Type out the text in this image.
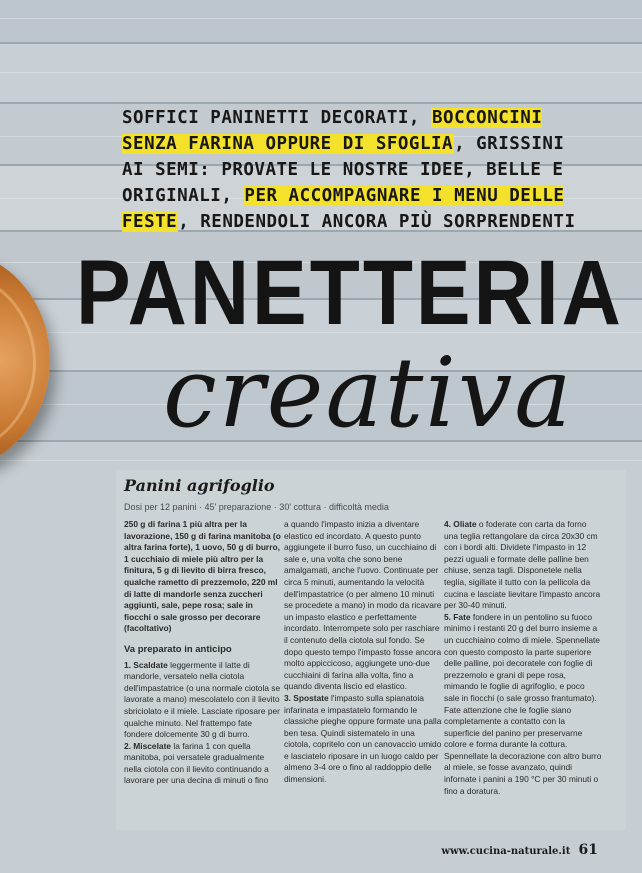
SOFFICI PANINETTI DECORATI, BOCCONCINI SENZA FARINA OPPURE DI SFOGLIA, GRISSINI AI SEMI: PROVATE LE NOSTRE IDEE, BELLE E ORIGINALI, PER ACCOMPAGNARE I MENU DELLE FESTE, RENDENDOLI ANCORA PIÙ SORPRENDENTI
PANETTERIA
creativa
Panini agrifoglio
Dosi per 12 panini · 45' preparazione · 30' cottura · difficoltà media

250 g di farina 1 più altra per la lavorazione, 150 g di farina manitoba (o altra farina forte), 1 uovo, 50 g di burro, 1 cucchiaio di miele più altro per la finitura, 5 g di lievito di birra fresco, qualche rametto di prezzemolo, 220 ml di latte di mandorle senza zuccheri aggiunti, sale, pepe rosa; sale in fiocchi o sale grosso per decorare (facoltativo)

Va preparato in anticipo

1. Scaldate leggermente il latte di mandorle, versatelo nella ciotola dell'impastatrice (o una normale ciotola se lavorate a mano) mescolatelo con il lievito sbriciolato e il miele. Lasciate riposare per qualche minuto. Nel frattempo fate fondere dolcemente 30 g di burro.

2. Miscelate la farina 1 con quella manitoba, poi versatele gradualmente nella ciotola con il lievito continuando a lavorare per una decina di minuti o fino

a quando l'impasto inizia a diventare elastico ed incordato. A questo punto aggiungete il burro fuso, un cucchiaino di sale e, una volta che sono bene amalgamati, anche l'uovo. Continuate per circa 5 minuti, aumentando la velocità dell'impastatrice (o per almeno 10 minuti se procedete a mano) in modo da ricavare un impasto elastico e perfettamente incordato. Interrompete solo per raschiare il contenuto della ciotola sul fondo. Se dopo questo tempo l'impasto fosse ancora molto appiccicoso, aggiungete uno-due cucchiaini di farina alla volta, fino a quando diventa liscio ed elastico.

3. Spostate l'impasto sulla spianatoia infarinata e impastatelo formando le classiche pieghe oppure formate una palla ben tesa. Quindi sistematelo in una ciotola, copritelo con un canovaccio umido e lasciatelo riposare in un luogo caldo per almeno 3-4 ore o fino al raddoppio delle dimensioni.

4. Oliate o foderate con carta da forno una teglia rettangolare da circa 20x30 cm con i bordi alti. Dividete l'impasto in 12 pezzi uguali e formate delle palline ben chiuse, senza tagli. Disponetele nella teglia, sigillate il tutto con la pellicola da cucina e lasciate lievitare l'impasto ancora per 30-40 minuti.

5. Fate fondere in un pentolino su fuoco minimo i restanti 20 g del burro insieme a un cucchiaino colmo di miele. Spennellate con questo composto la parte superiore delle palline, poi decoratele con foglie di prezzemolo e grani di pepe rosa, mimando le foglie di agrifoglio, e poco sale in fiocchi (o sale grosso frantumato). Fate attenzione che le foglie siano completamente a contatto con la superficie del panino per preservarne colore e forma durante la cottura. Spennellate la decorazione con altro burro al miele, se fosse avanzato, quindi infornate i panini a 190 °C per 30 minuti o fino a doratura.

www.cucina-naturale.it 61
